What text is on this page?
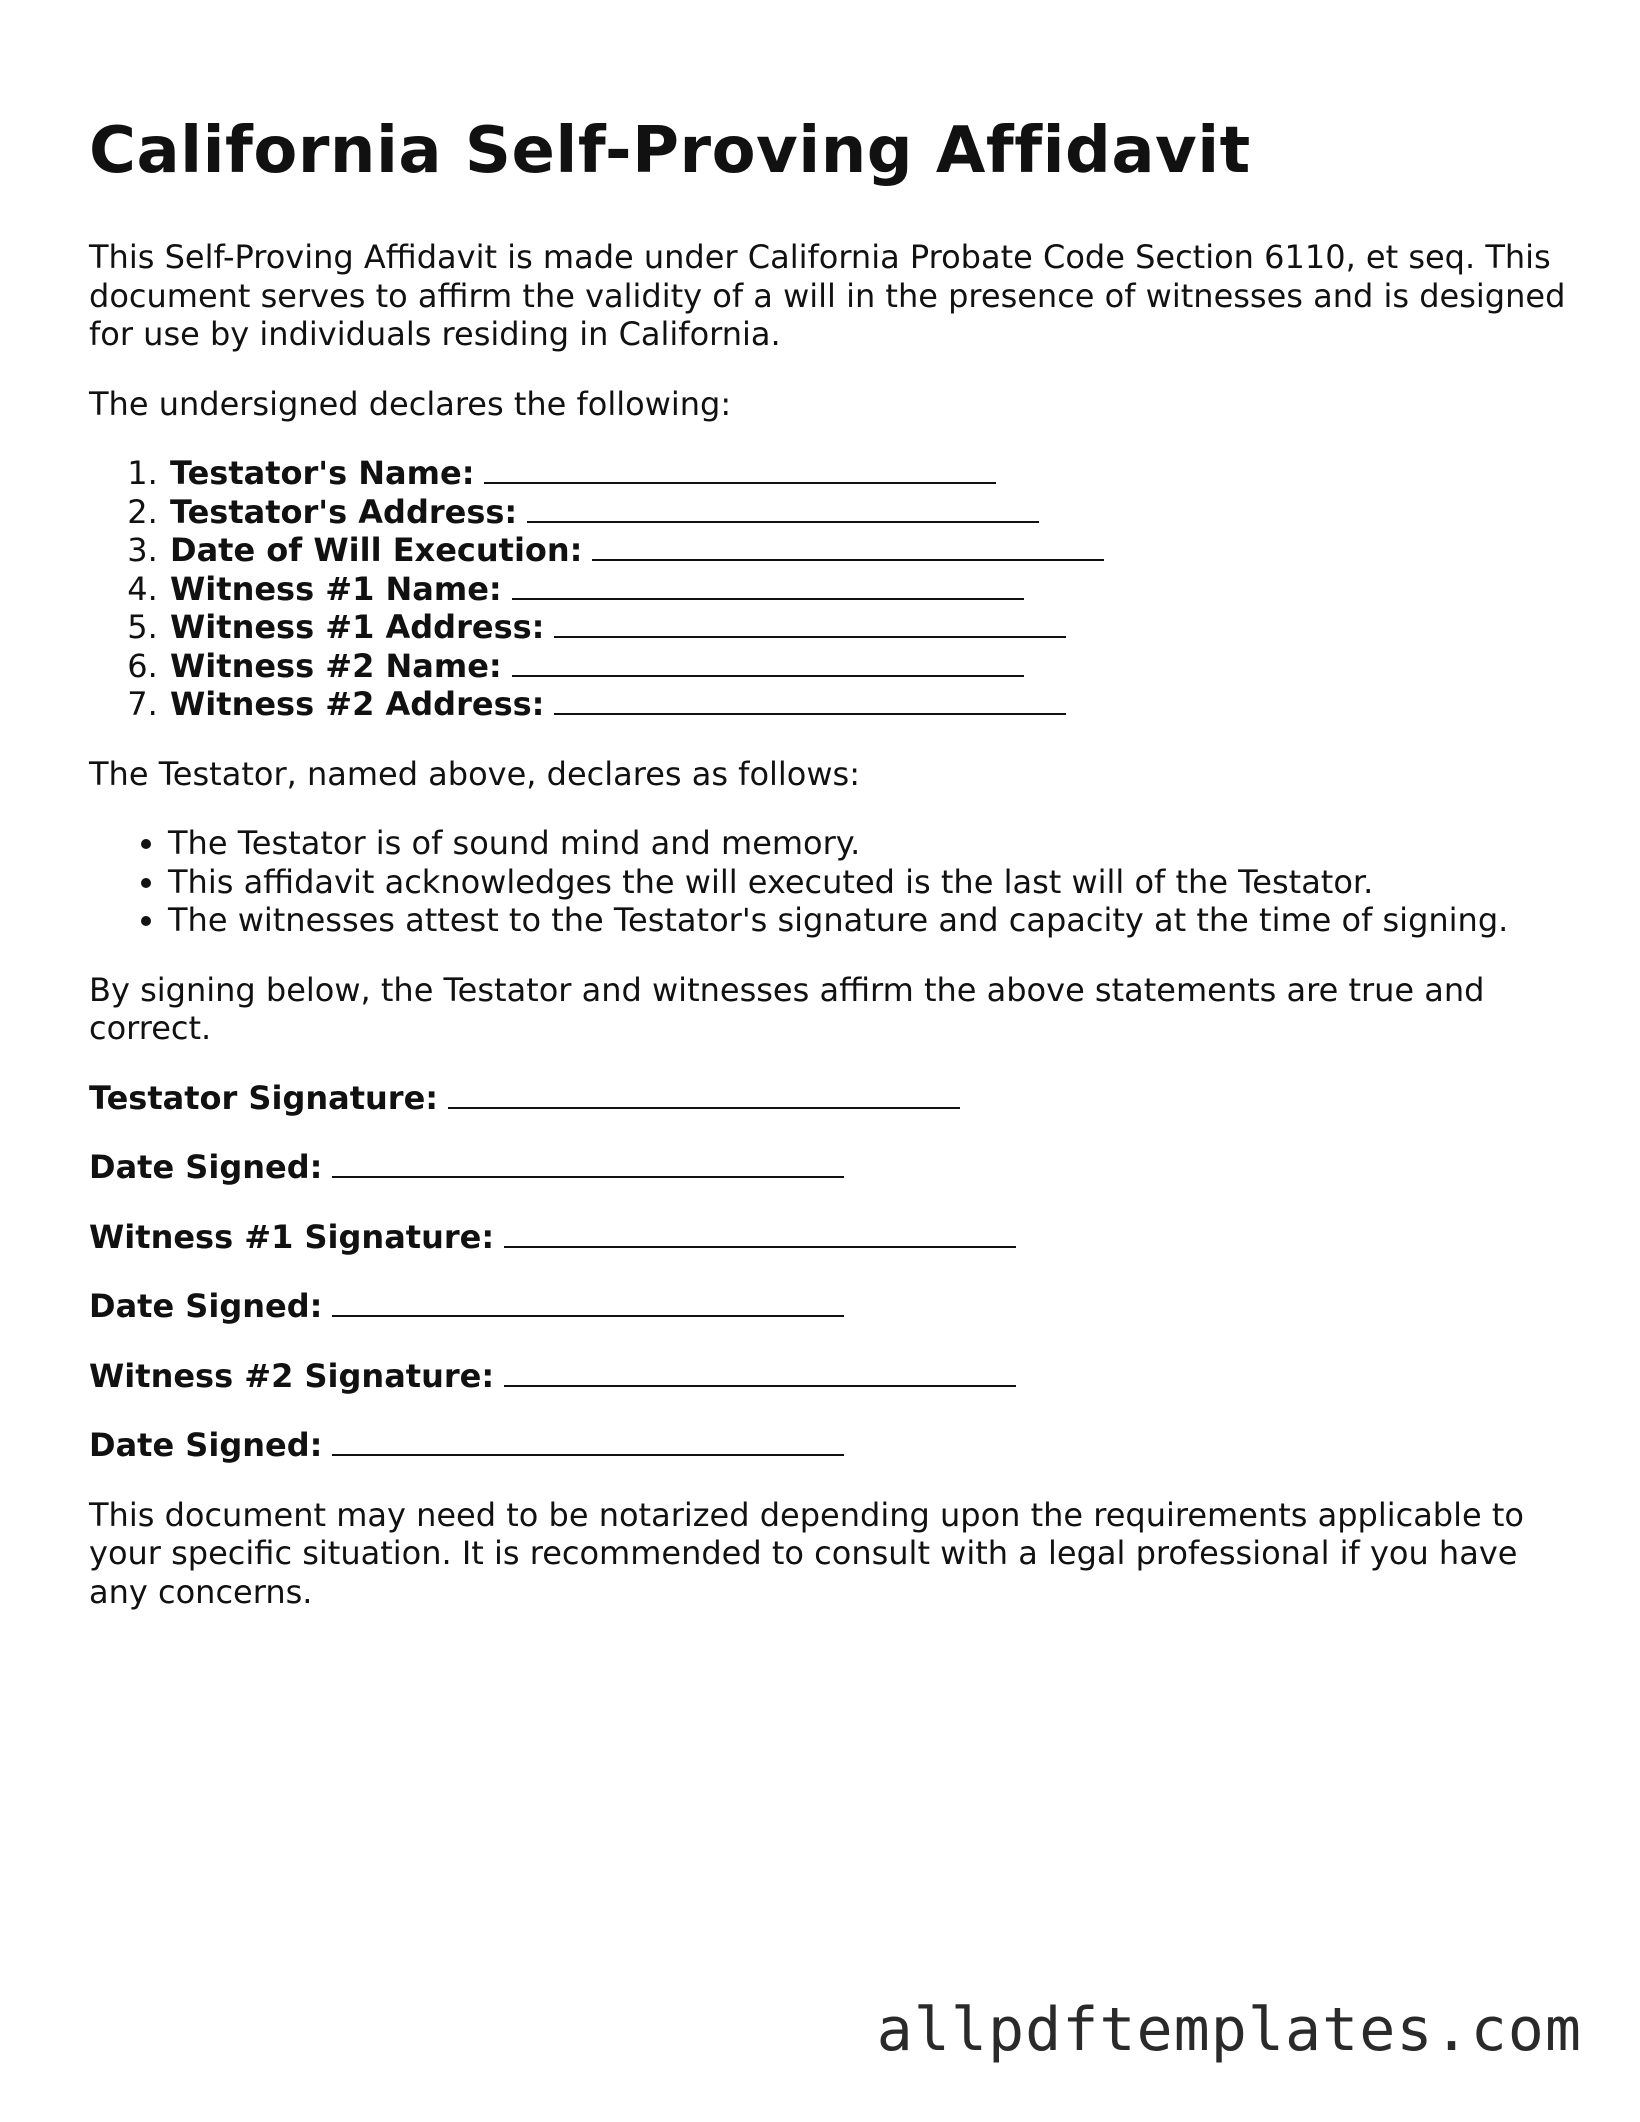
California Self-Proving Affidavit

This Self-Proving Affidavit is made under California Probate Code Section 6110, et seq. This document serves to affirm the validity of a will in the presence of witnesses and is designed for use by individuals residing in California.

The undersigned declares the following:

1. Testator's Name:
2. Testator's Address:
3. Date of Will Execution:
4. Witness #1 Name:
5. Witness #1 Address:
6. Witness #2 Name:
7. Witness #2 Address:

The Testator, named above, declares as follows:

• The Testator is of sound mind and memory.
• This affidavit acknowledges the will executed is the last will of the Testator.
• The witnesses attest to the Testator's signature and capacity at the time of signing.

By signing below, the Testator and witnesses affirm the above statements are true and correct.

Testator Signature:
Date Signed:
Witness #1 Signature:
Date Signed:
Witness #2 Signature:
Date Signed:

This document may need to be notarized depending upon the requirements applicable to your specific situation. It is recommended to consult with a legal professional if you have any concerns.

allpdftemplates.com
